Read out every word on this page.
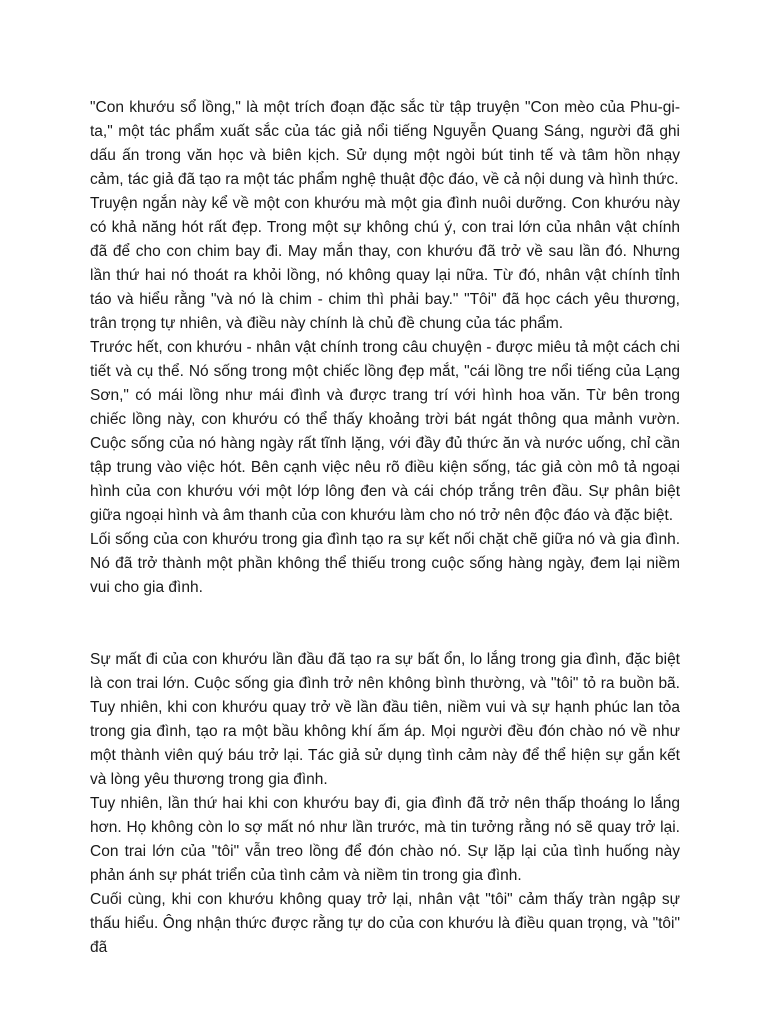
"Con khướu sổ lồng," là một trích đoạn đặc sắc từ tập truyện "Con mèo của Phu-gi-ta," một tác phẩm xuất sắc của tác giả nổi tiếng Nguyễn Quang Sáng, người đã ghi dấu ấn trong văn học và biên kịch. Sử dụng một ngòi bút tinh tế và tâm hồn nhạy cảm, tác giả đã tạo ra một tác phẩm nghệ thuật độc đáo, về cả nội dung và hình thức.

Truyện ngắn này kể về một con khướu mà một gia đình nuôi dưỡng. Con khướu này có khả năng hót rất đẹp. Trong một sự không chú ý, con trai lớn của nhân vật chính đã để cho con chim bay đi. May mắn thay, con khướu đã trở về sau lần đó. Nhưng lần thứ hai nó thoát ra khỏi lồng, nó không quay lại nữa. Từ đó, nhân vật chính tỉnh táo và hiểu rằng "và nó là chim - chim thì phải bay." "Tôi" đã học cách yêu thương, trân trọng tự nhiên, và điều này chính là chủ đề chung của tác phẩm.

Trước hết, con khướu - nhân vật chính trong câu chuyện - được miêu tả một cách chi tiết và cụ thể. Nó sống trong một chiếc lồng đẹp mắt, "cái lồng tre nổi tiếng của Lạng Sơn," có mái lồng như mái đình và được trang trí với hình hoa văn. Từ bên trong chiếc lồng này, con khướu có thể thấy khoảng trời bát ngát thông qua mảnh vườn. Cuộc sống của nó hàng ngày rất tĩnh lặng, với đầy đủ thức ăn và nước uống, chỉ cần tập trung vào việc hót. Bên cạnh việc nêu rõ điều kiện sống, tác giả còn mô tả ngoại hình của con khướu với một lớp lông đen và cái chóp trắng trên đầu. Sự phân biệt giữa ngoại hình và âm thanh của con khướu làm cho nó trở nên độc đáo và đặc biệt.

Lối sống của con khướu trong gia đình tạo ra sự kết nối chặt chẽ giữa nó và gia đình. Nó đã trở thành một phần không thể thiếu trong cuộc sống hàng ngày, đem lại niềm vui cho gia đình.

Sự mất đi của con khướu lần đầu đã tạo ra sự bất ổn, lo lắng trong gia đình, đặc biệt là con trai lớn. Cuộc sống gia đình trở nên không bình thường, và "tôi" tỏ ra buồn bã. Tuy nhiên, khi con khướu quay trở về lần đầu tiên, niềm vui và sự hạnh phúc lan tỏa trong gia đình, tạo ra một bầu không khí ấm áp. Mọi người đều đón chào nó về như một thành viên quý báu trở lại. Tác giả sử dụng tình cảm này để thể hiện sự gắn kết và lòng yêu thương trong gia đình.

Tuy nhiên, lần thứ hai khi con khướu bay đi, gia đình đã trở nên thấp thoáng lo lắng hơn. Họ không còn lo sợ mất nó như lần trước, mà tin tưởng rằng nó sẽ quay trở lại. Con trai lớn của "tôi" vẫn treo lồng để đón chào nó. Sự lặp lại của tình huống này phản ánh sự phát triển của tình cảm và niềm tin trong gia đình.

Cuối cùng, khi con khướu không quay trở lại, nhân vật "tôi" cảm thấy tràn ngập sự thấu hiểu. Ông nhận thức được rằng tự do của con khướu là điều quan trọng, và "tôi" đã
